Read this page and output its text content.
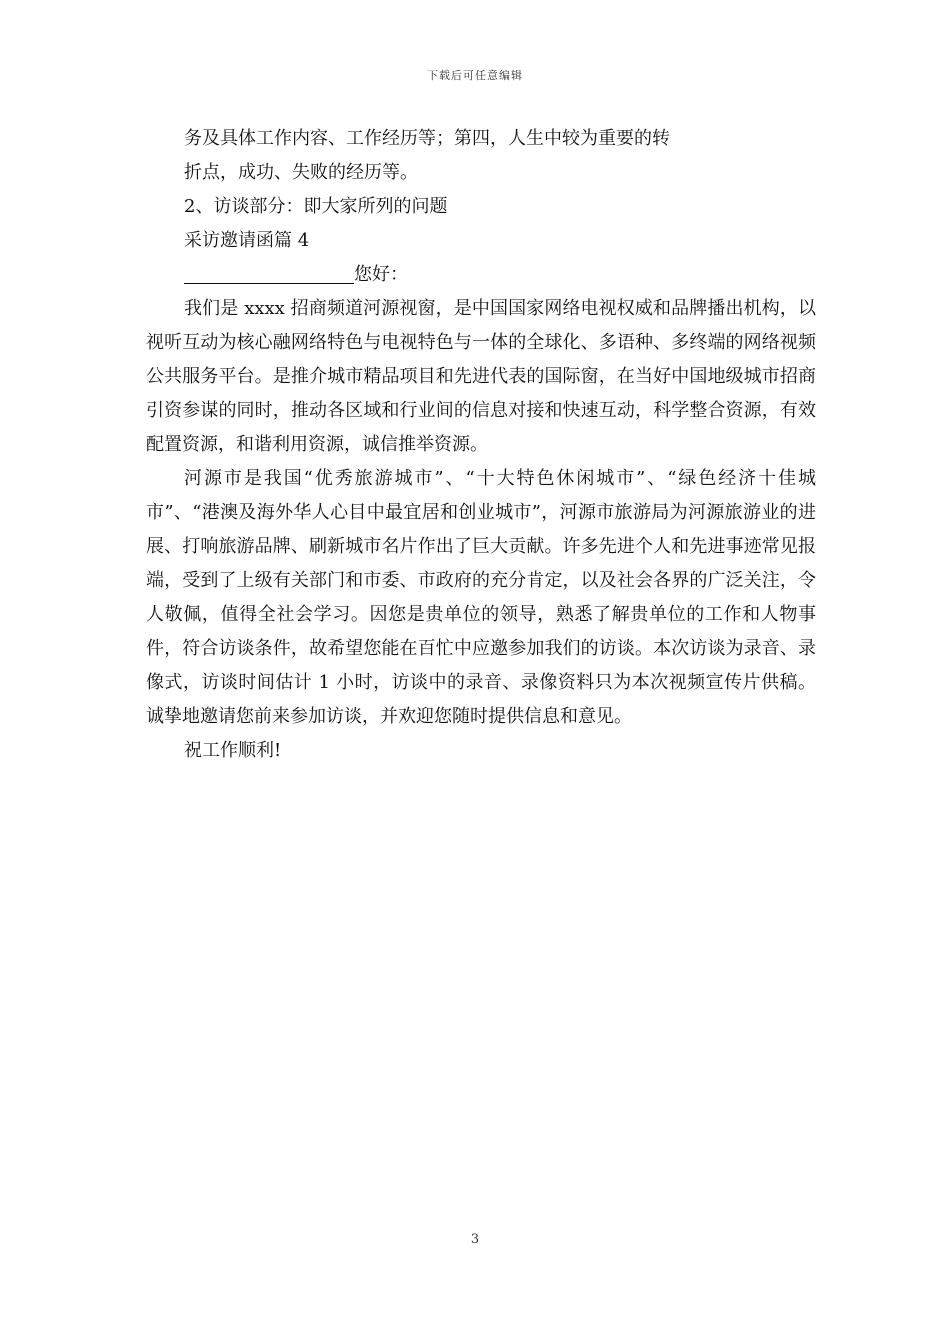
下载后可任意编辑
务及具体工作内容、工作经历等；第四，人生中较为重要的转
折点，成功、失败的经历等。
2、访谈部分：即大家所列的问题
采访邀请函篇 4
您好：

我们是 xxxx 招商频道河源视窗，是中国国家网络电视权威和品牌播出机构，以视听互动为核心融网络特色与电视特色与一体的全球化、多语种、多终端的网络视频公共服务平台。是推介城市精品项目和先进代表的国际窗，在当好中国地级城市招商引资参谋的同时，推动各区域和行业间的信息对接和快速互动，科学整合资源，有效配置资源，和谐利用资源，诚信推举资源。

河源市是我国“优秀旅游城市”、“十大特色休闲城市”、“绿色经济十佳城市”、“港澳及海外华人心目中最宜居和创业城市”，河源市旅游局为河源旅游业的进展、打响旅游品牌、刷新城市名片作出了巨大贡献。许多先进个人和先进事迹常见报端，受到了上级有关部门和市委、市政府的充分肯定，以及社会各界的广泛关注，令人敬佩，值得全社会学习。因您是贵单位的领导，熟悉了解贵单位的工作和人物事件，符合访谈条件，故希望您能在百忙中应邀参加我们的访谈。本次访谈为录音、录像式，访谈时间估计 1 小时，访谈中的录音、录像资料只为本次视频宣传片供稿。诚挚地邀请您前来参加访谈，并欢迎您随时提供信息和意见。

祝工作顺利!
3
